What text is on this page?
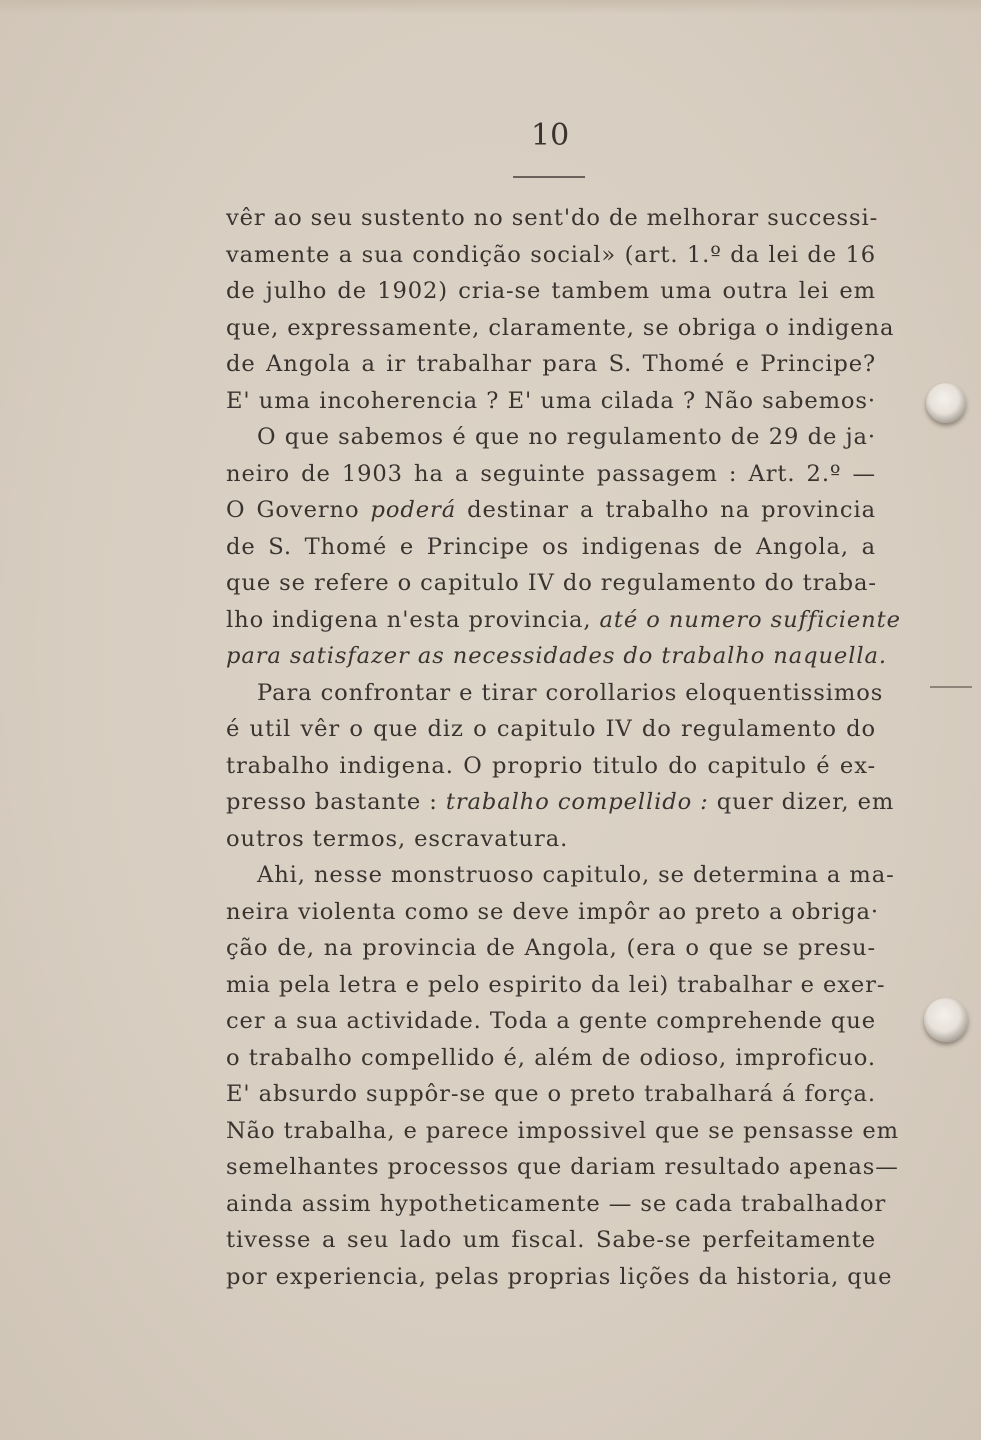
10
vêr ao seu sustento no sent'do de melhorar successi-
vamente a sua condição social» (art. 1.º da lei de 16
de julho de 1902) cria-se tambem uma outra lei em
que, expressamente, claramente, se obriga o indigena
de Angola a ir trabalhar para S. Thomé e Principe?
E' uma incoherencia ? E' uma cilada ? Não sabemos·
O que sabemos é que no regulamento de 29 de ja·
neiro de 1903 ha a seguinte passagem : Art. 2.º —
O Governo poderá destinar a trabalho na provincia
de S. Thomé e Principe os indigenas de Angola, a
que se refere o capitulo IV do regulamento do traba-
lho indigena n'esta provincia, até o numero sufficiente
para satisfazer as necessidades do trabalho naquella.
Para confrontar e tirar corollarios eloquentissimos
é util vêr o que diz o capitulo IV do regulamento do
trabalho indigena. O proprio titulo do capitulo é ex-
presso bastante : trabalho compellido : quer dizer, em
outros termos, escravatura.
Ahi, nesse monstruoso capitulo, se determina a ma-
neira violenta como se deve impôr ao preto a obriga·
ção de, na provincia de Angola, (era o que se presu-
mia pela letra e pelo espirito da lei) trabalhar e exer-
cer a sua actividade. Toda a gente comprehende que
o trabalho compellido é, além de odioso, improficuo.
E' absurdo suppôr-se que o preto trabalhará á força.
Não trabalha, e parece impossivel que se pensasse em
semelhantes processos que dariam resultado apenas—
ainda assim hypotheticamente — se cada trabalhador
tivesse a seu lado um fiscal. Sabe-se perfeitamente
por experiencia, pelas proprias lições da historia, que
